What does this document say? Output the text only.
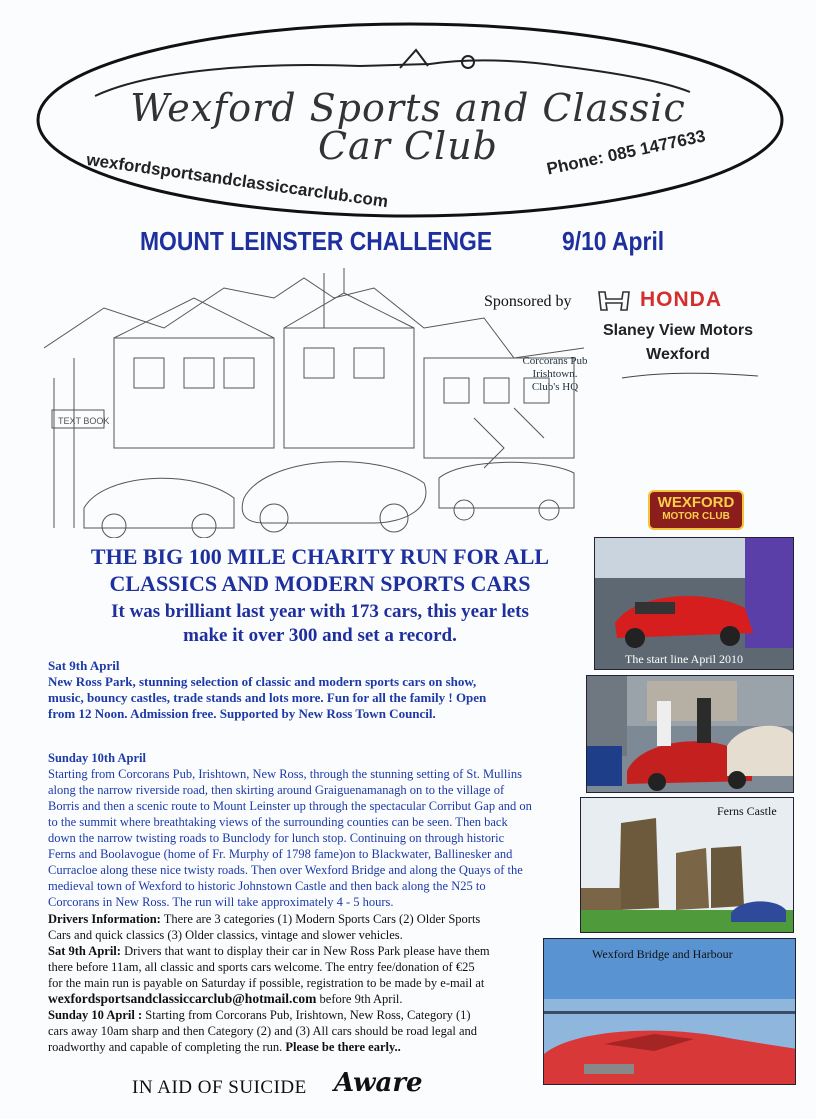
Wexford Sports and Classic
Car Club
wexfordsportsandclassiccarclub.com	Phone: 085 1477633
MOUNT LEINSTER CHALLENGE	9/10 April
TEXT BOOK
Corcorans Pub
Irishtown.
Club's HQ
Sponsored by	HONDA
Slaney View Motors
Wexford
WEXFORD
MOTOR CLUB
THE BIG 100 MILE CHARITY RUN FOR ALL
CLASSICS AND MODERN SPORTS CARS
It was brilliant last year with 173 cars, this year lets
make it over 300 and set a record.
Sat 9th April
New Ross Park, stunning selection of classic and modern sports cars on show,
music, bouncy castles, trade stands and lots more. Fun for all the family ! Open
from 12 Noon. Admission free. Supported by New Ross Town Council.
Sunday 10th April
Starting from Corcorans Pub, Irishtown, New Ross, through the stunning setting of St. Mullins
along the narrow riverside road, then skirting around Graiguenamanagh on to the village of
Borris and then a scenic route to Mount Leinster up through the spectacular Corribut Gap and on
to the summit where breathtaking views of the surrounding counties can be seen. Then back
down the narrow twisting roads to Bunclody for lunch stop. Continuing on through historic
Ferns and Boolavogue (home of Fr. Murphy of 1798 fame)on to Blackwater, Ballinesker and
Curracloe along these nice twisty roads. Then over Wexford Bridge and along the Quays of the
medieval town of Wexford to historic Johnstown Castle and then back along the N25 to
Corcorans in New Ross. The run will take approximately 4 - 5 hours.
Drivers Information: There are 3 categories (1) Modern Sports Cars (2) Older Sports
Cars and quick classics (3) Older classics, vintage and slower vehicles.
Sat 9th April: Drivers that want to display their car in New Ross Park please have them
there before 11am, all classic and sports cars welcome. The entry fee/donation of €25
for the main run is payable on Saturday if possible, registration to be made by e-mail at
wexfordsportsandclassiccarclub@hotmail.com before 9th April.
Sunday 10 April : Starting from Corcorans Pub, Irishtown, New Ross, Category (1)
cars away 10am sharp and then Category (2) and (3) All cars should be road legal and
roadworthy and capable of completing the run. Please be there early..
The start line April 2010
Ferns Castle
Wexford Bridge and Harbour
IN AID OF SUICIDE Aware
